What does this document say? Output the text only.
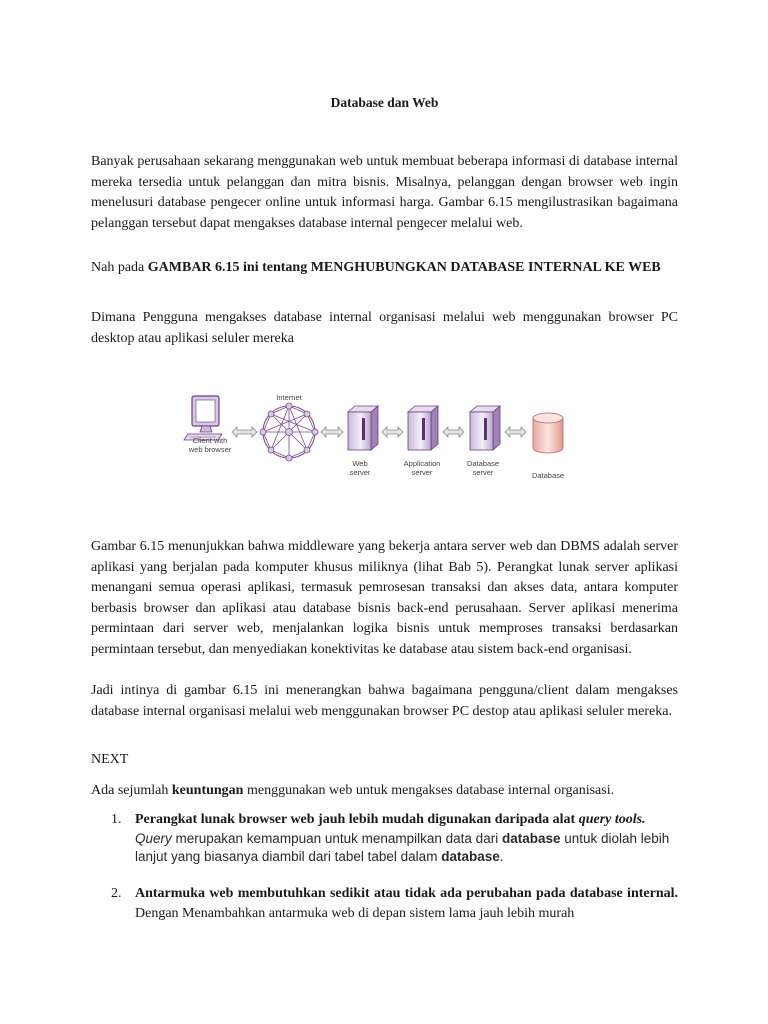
Database dan Web

Banyak perusahaan sekarang menggunakan web untuk membuat beberapa informasi di database internal mereka tersedia untuk pelanggan dan mitra bisnis. Misalnya, pelanggan dengan browser web ingin menelusuri database pengecer online untuk informasi harga. Gambar 6.15 mengilustrasikan bagaimana pelanggan tersebut dapat mengakses database internal pengecer melalui web.

Nah pada GAMBAR 6.15 ini tentang MENGHUBUNGKAN DATABASE INTERNAL KE WEB

Dimana Pengguna mengakses database internal organisasi melalui web menggunakan browser PC desktop atau aplikasi seluler mereka

Gambar 6.15 menunjukkan bahwa middleware yang bekerja antara server web dan DBMS adalah server aplikasi yang berjalan pada komputer khusus miliknya (lihat Bab 5). Perangkat lunak server aplikasi menangani semua operasi aplikasi, termasuk pemrosesan transaksi dan akses data, antara komputer berbasis browser dan aplikasi atau database bisnis back-end perusahaan. Server aplikasi menerima permintaan dari server web, menjalankan logika bisnis untuk memproses transaksi berdasarkan permintaan tersebut, dan menyediakan konektivitas ke database atau sistem back-end organisasi.

Jadi intinya di gambar 6.15 ini menerangkan bahwa bagaimana pengguna/client dalam mengakses database internal organisasi melalui web menggunakan browser PC destop atau aplikasi seluler mereka.

NEXT

Ada sejumlah keuntungan menggunakan web untuk mengakses database internal organisasi.

1. Perangkat lunak browser web jauh lebih mudah digunakan daripada alat query tools.
Query merupakan kemampuan untuk menampilkan data dari database untuk diolah lebih lanjut yang biasanya diambil dari tabel tabel dalam database.
2. Antarmuka web membutuhkan sedikit atau tidak ada perubahan pada database internal. Dengan Menambahkan antarmuka web di depan sistem lama jauh lebih murah
Client with
web browser
Internet
Web
server
Application
server
Database
server	Database
